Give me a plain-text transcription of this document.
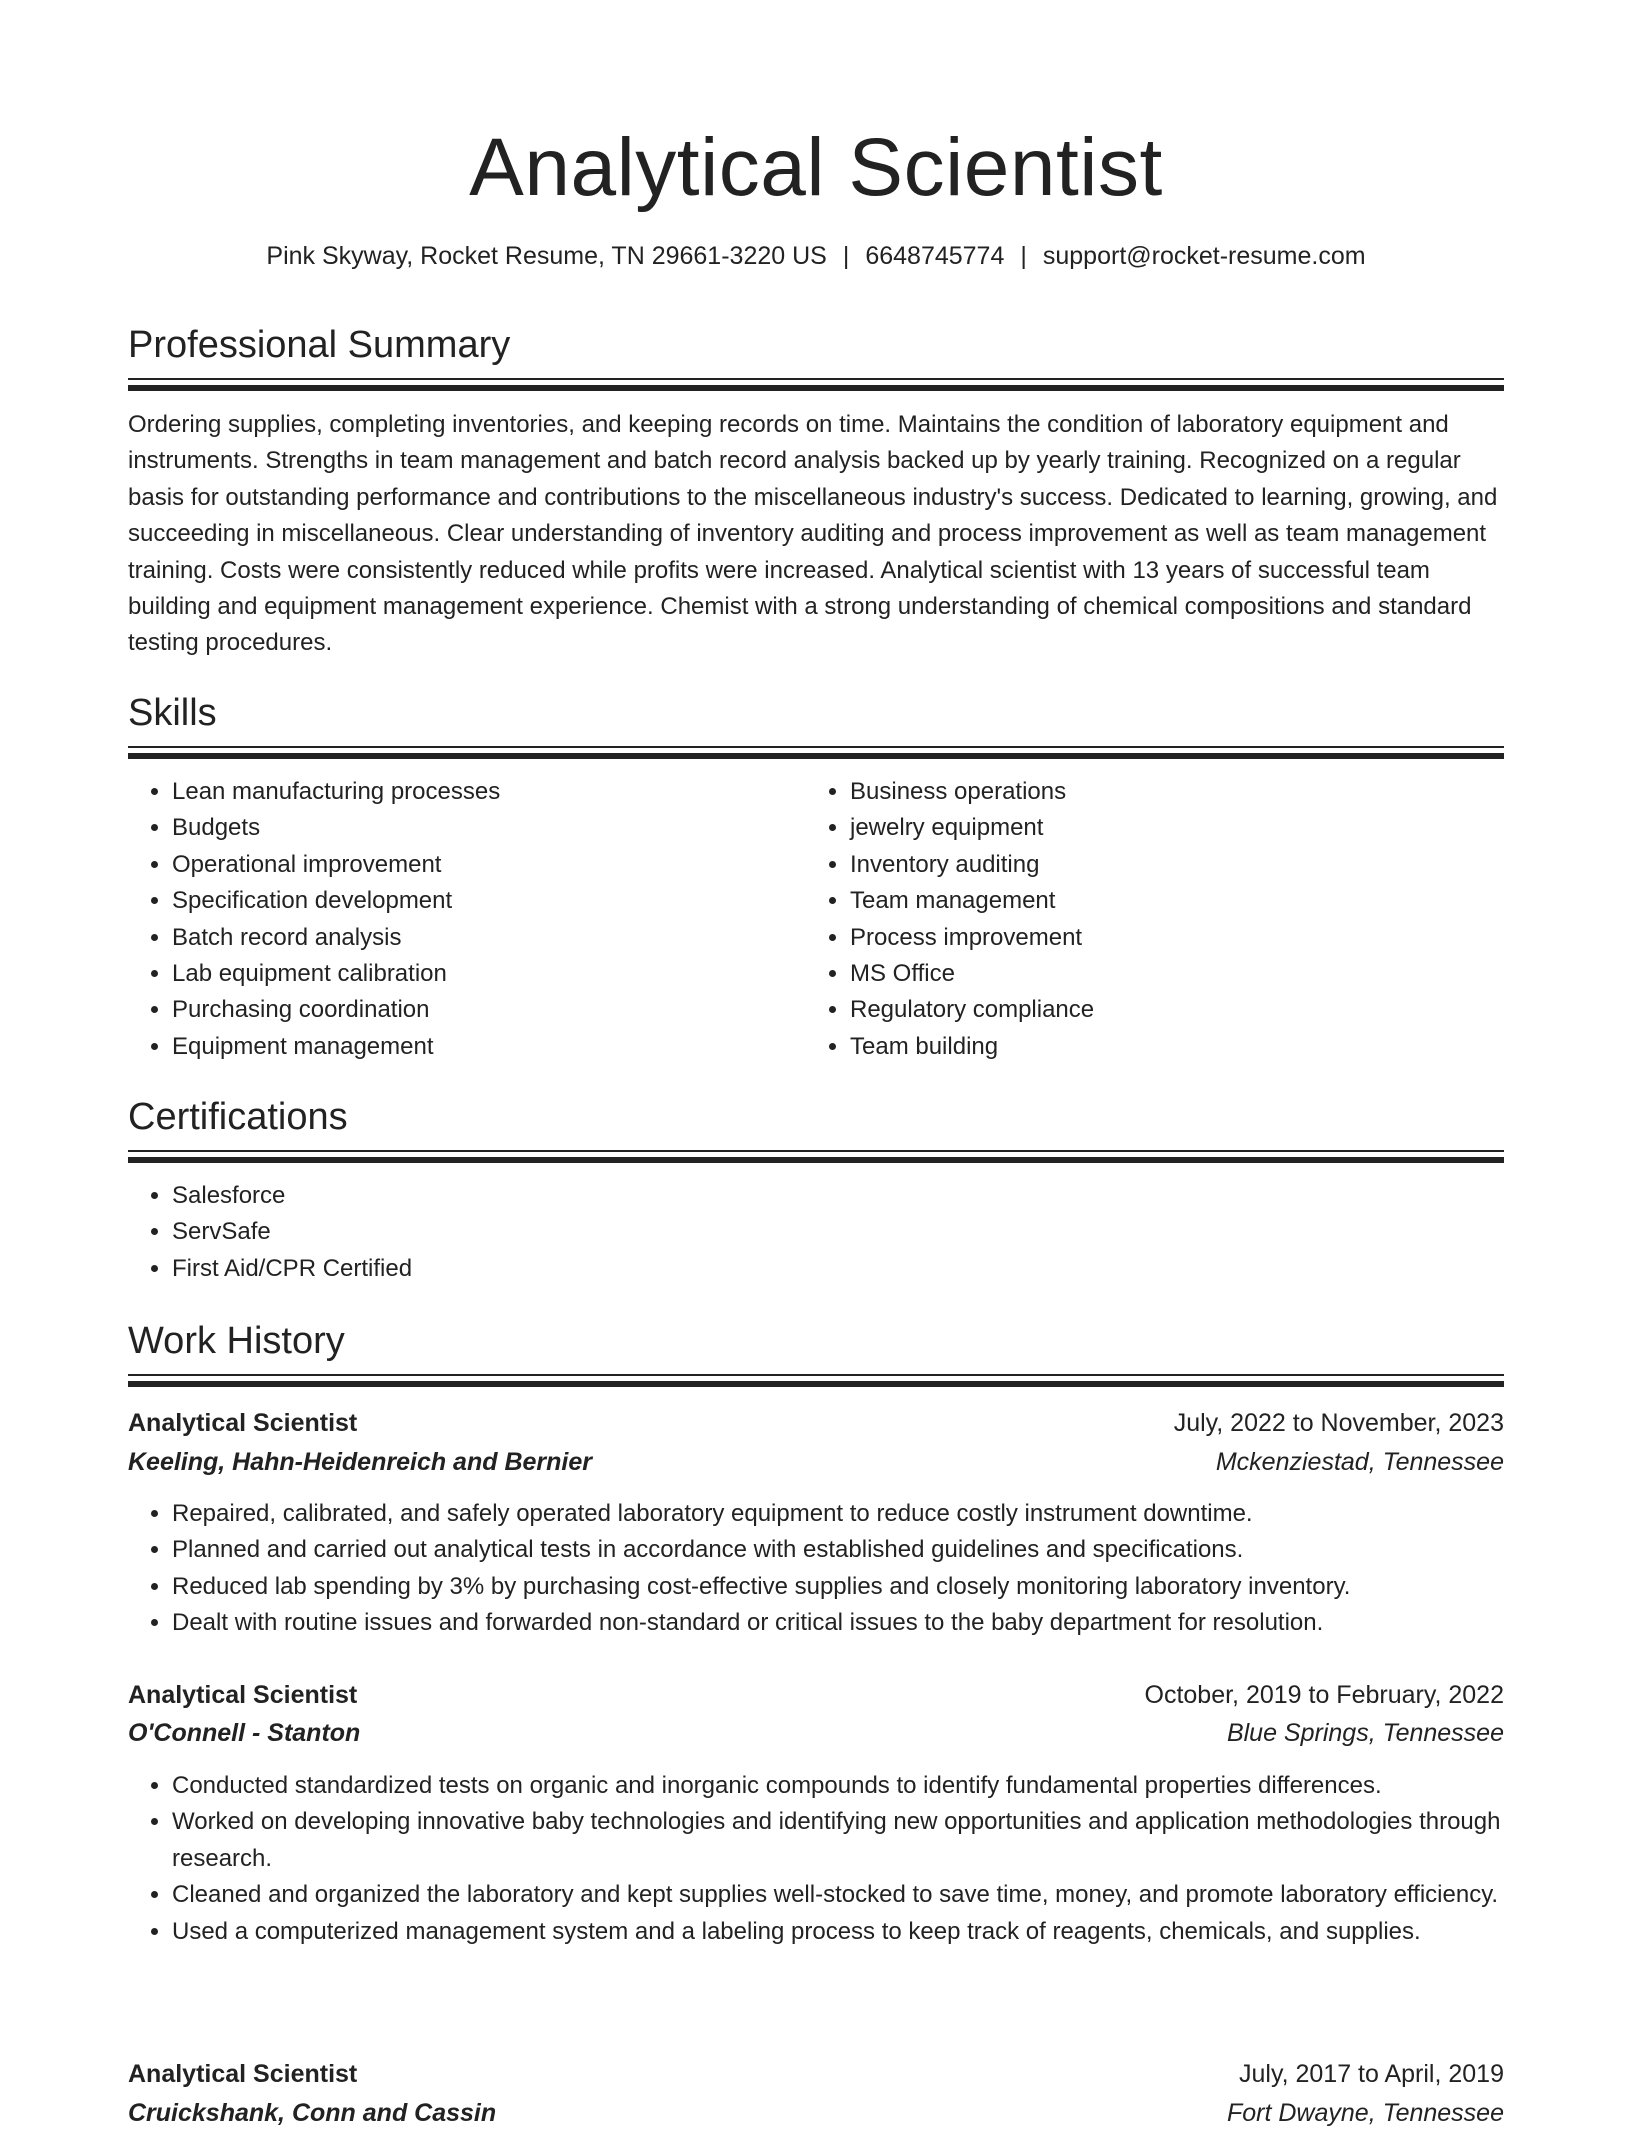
Analytical Scientist
Pink Skyway, Rocket Resume, TN 29661-3220 US | 6648745774 | support@rocket-resume.com
Professional Summary
Ordering supplies, completing inventories, and keeping records on time. Maintains the condition of laboratory equipment and instruments. Strengths in team management and batch record analysis backed up by yearly training. Recognized on a regular basis for outstanding performance and contributions to the miscellaneous industry's success. Dedicated to learning, growing, and succeeding in miscellaneous. Clear understanding of inventory auditing and process improvement as well as team management training. Costs were consistently reduced while profits were increased. Analytical scientist with 13 years of successful team building and equipment management experience. Chemist with a strong understanding of chemical compositions and standard testing procedures.
Skills
• Lean manufacturing processes
• Budgets
• Operational improvement
• Specification development
• Batch record analysis
• Lab equipment calibration
• Purchasing coordination
• Equipment management
• Business operations
• jewelry equipment
• Inventory auditing
• Team management
• Process improvement
• MS Office
• Regulatory compliance
• Team building
Certifications
• Salesforce
• ServSafe
• First Aid/CPR Certified
Work History
Analytical Scientist	July, 2022 to November, 2023
Keeling, Hahn-Heidenreich and Bernier	Mckenziestad, Tennessee
• Repaired, calibrated, and safely operated laboratory equipment to reduce costly instrument downtime.
• Planned and carried out analytical tests in accordance with established guidelines and specifications.
• Reduced lab spending by 3% by purchasing cost-effective supplies and closely monitoring laboratory inventory.
• Dealt with routine issues and forwarded non-standard or critical issues to the baby department for resolution.
Analytical Scientist	October, 2019 to February, 2022
O'Connell - Stanton	Blue Springs, Tennessee
• Conducted standardized tests on organic and inorganic compounds to identify fundamental properties differences.
• Worked on developing innovative baby technologies and identifying new opportunities and application methodologies through research.
• Cleaned and organized the laboratory and kept supplies well-stocked to save time, money, and promote laboratory efficiency.
• Used a computerized management system and a labeling process to keep track of reagents, chemicals, and supplies.
Analytical Scientist	July, 2017 to April, 2019
Cruickshank, Conn and Cassin	Fort Dwayne, Tennessee
